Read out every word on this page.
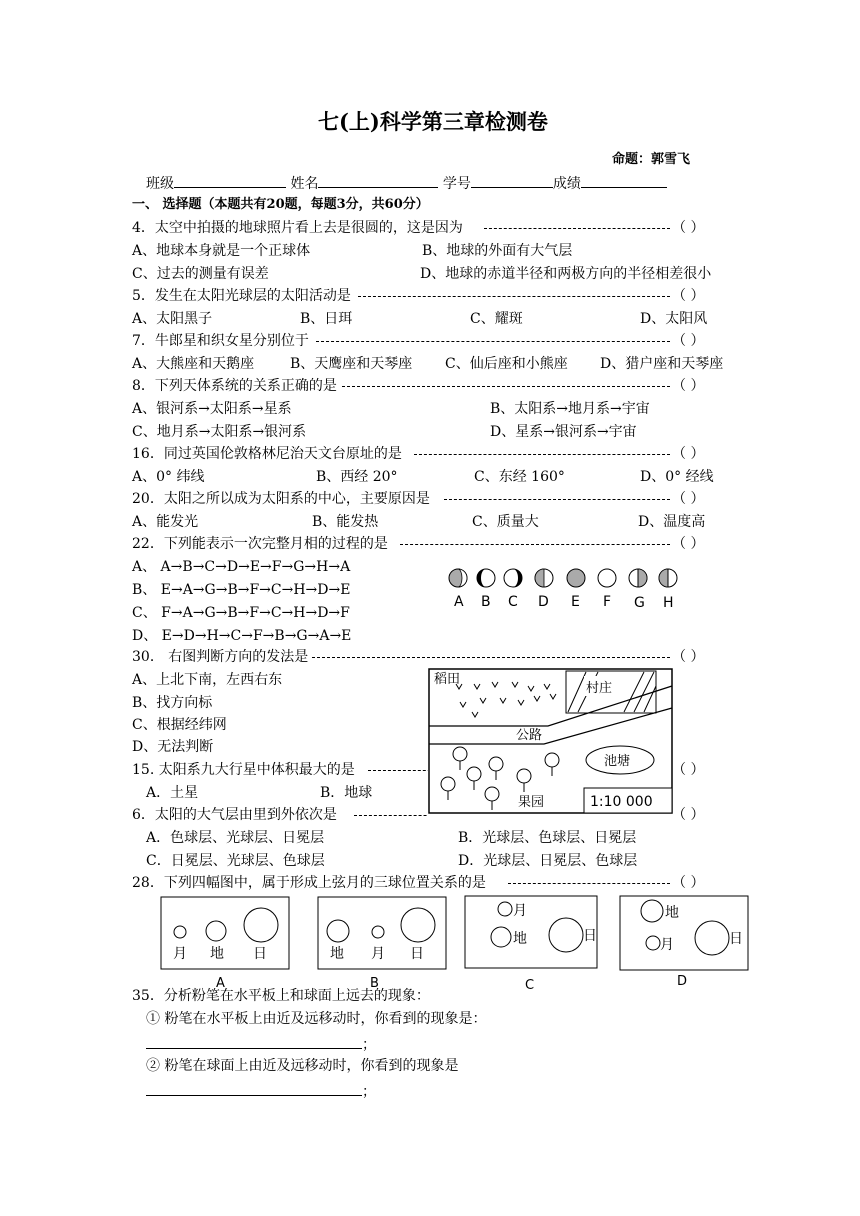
七(上)科学第三章检测卷
命题：郭雪飞
班级	姓名	学号	成绩
一、 选择题（本题共有20题，每题3分，共60分）
4．太空中拍摄的地球照片看上去是很圆的，这是因为	（ ）
A、地球本身就是一个正球体	B、地球的外面有大气层
C、过去的测量有误差	D、地球的赤道半径和两极方向的半径相差很小
5．发生在太阳光球层的太阳活动是	（ ）
A、太阳黑子	B、日珥	C、耀斑	D、太阳风
7．牛郎星和织女星分别位于	（ ）
A、大熊座和天鹅座	B、天鹰座和天琴座 C、仙后座和小熊座 D、猎户座和天琴座
8．下列天体系统的关系正确的是	（ ）
A、银河系→太阳系→星系	B、太阳系→地月系→宇宙
C、地月系→太阳系→银河系	D、星系→银河系→宇宙
16．同过英国伦敦格林尼治天文台原址的是	（ ）
A、0° 纬线	B、西经 20°	C、东经 160°	D、0° 经线
20．太阳之所以成为太阳系的中心，主要原因是	（ ）
A、能发光	B、能发热	C、质量大	D、温度高
22．下列能表示一次完整月相的过程的是	（ ）
A、 A→B→C→D→E→F→G→H→A
B、 E→A→G→B→F→C→H→D→E
C、 F→A→G→B→F→C→H→D→F
D、 E→D→H→C→F→B→G→A→E
A B C D E F G H
30． 右图判断方向的发法是	（ ）
A、上北下南，左西右东
B、找方向标
C、根据经纬网
D、无法判断
15. 太阳系九大行星中体积最大的是	（ ）
A．土星	B．地球
6．太阳的大气层由里到外依次是	（ ）
A．色球层、光球层、日冕层	B．光球层、色球层、日冕层
C．日冕层、光球层、色球层	D．光球层、日冕层、色球层
稻田
村庄
公路
池塘
果园	1:10 000
28．下列四幅图中，属于形成上弦月的三球位置关系的是	（ ）
月 地 日
A
地 月 日
B
月
地	日
C
地
月	日
D
35．分析粉笔在水平板上和球面上远去的现象：
① 粉笔在水平板上由近及远移动时，你看到的现象是：
；
② 粉笔在球面上由近及远移动时，你看到的现象是
；
